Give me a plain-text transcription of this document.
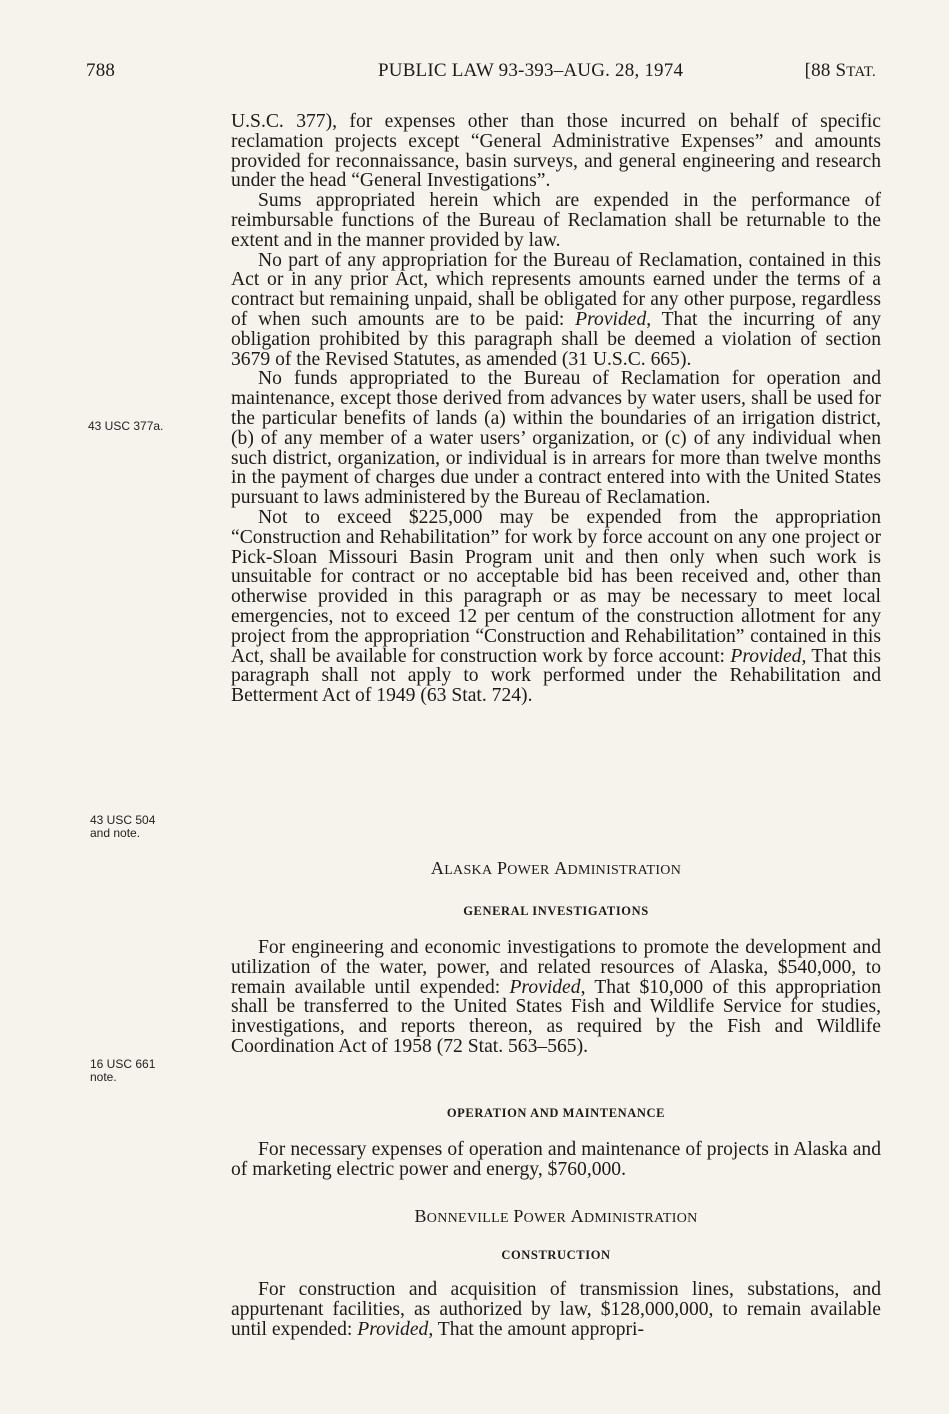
788	PUBLIC LAW 93-393–AUG. 28, 1974	[88 STAT.

U.S.C. 377), for expenses other than those incurred on behalf of specific reclamation projects except “General Administrative Expenses” and amounts provided for reconnaissance, basin surveys, and general engineering and research under the head “General Investigations”.

Sums appropriated herein which are expended in the performance of reimbursable functions of the Bureau of Reclamation shall be returnable to the extent and in the manner provided by law.

No part of any appropriation for the Bureau of Reclamation, contained in this Act or in any prior Act, which represents amounts earned under the terms of a contract but remaining unpaid, shall be obligated for any other purpose, regardless of when such amounts are to be paid: Provided, That the incurring of any obligation prohibited by this paragraph shall be deemed a violation of section 3679 of the Revised Statutes, as amended (31 U.S.C. 665).

No funds appropriated to the Bureau of Reclamation for operation and maintenance, except those derived from advances by water users, shall be used for the particular benefits of lands (a) within the boundaries of an irrigation district, (b) of any member of a water users’ organization, or (c) of any individual when such district, organization, or individual is in arrears for more than twelve months in the payment of charges due under a contract entered into with the United States pursuant to laws administered by the Bureau of Reclamation.

Not to exceed $225,000 may be expended from the appropriation “Construction and Rehabilitation” for work by force account on any one project or Pick-Sloan Missouri Basin Program unit and then only when such work is unsuitable for contract or no acceptable bid has been received and, other than otherwise provided in this paragraph or as may be necessary to meet local emergencies, not to exceed 12 per centum of the construction allotment for any project from the appropriation “Construction and Rehabilitation” contained in this Act, shall be available for construction work by force account: Provided, That this paragraph shall not apply to work performed under the Rehabilitation and Betterment Act of 1949 (63 Stat. 724).

43 USC 377a.
43 USC 504
and note.
16 USC 661
note.
ALASKA POWER ADMINISTRATION
GENERAL INVESTIGATIONS

For engineering and economic investigations to promote the development and utilization of the water, power, and related resources of Alaska, $540,000, to remain available until expended: Provided, That $10,000 of this appropriation shall be transferred to the United States Fish and Wildlife Service for studies, investigations, and reports thereon, as required by the Fish and Wildlife Coordination Act of 1958 (72 Stat. 563–565).

OPERATION AND MAINTENANCE

For necessary expenses of operation and maintenance of projects in Alaska and of marketing electric power and energy, $760,000.

BONNEVILLE POWER ADMINISTRATION
CONSTRUCTION

For construction and acquisition of transmission lines, substations, and appurtenant facilities, as authorized by law, $128,000,000, to remain available until expended: Provided, That the amount appropri-
